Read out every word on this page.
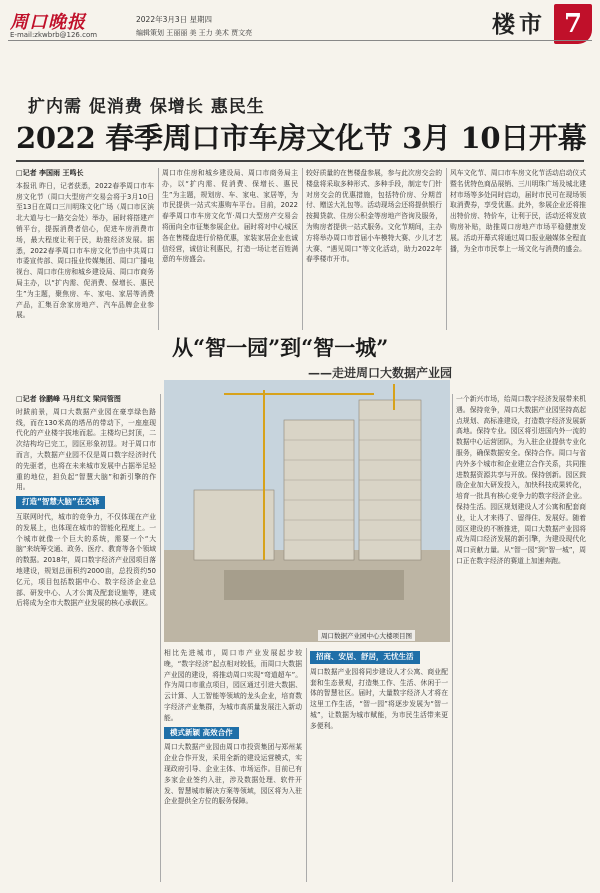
周口晚报
E-mail:zkwbrb@126.com
2022年3月3日 星期四
编辑策划 王丽丽 美 王力 美术 贾文亮	楼市 7
扩内需 促消费 保增长 惠民生
2022 春季周口市车房文化节 3月 10日开幕
□记者 李国雨 王鸣长
本报讯 昨日，记者获悉，2022春季周口市车房文化节（周口大型房产交易会将于3月10日至13日在周口三川明珠文化广场（周口市区滨北大道与七一路交会处）举办，届时将搭建产销平台，提振消费者信心，促进车房消费市场，最大程度让利于民，助推经济发展。据悉，2022春季周口市车房文化节由中共周口市委宣传部、周口报业传媒集团、周口广播电视台、周口市住房和城乡建设局、周口市商务局主办，以“扩内需、促消费、保增长、惠民生”为主题，聚焦房、车、家电、家居等消费产品，汇集百余家房地产、汽车品牌企业参展。
周口市住房和城乡建设局、周口市商务局主办，以“扩内需、促消费、保增长、惠民生”为主题，规划房、车、家电、家居等，为市民提供一站式实惠购车平台。目前，2022春季周口市车房文化节·周口大型房产交易会将面向全市征集参展企业。届时将对中心城区各在售楼盘进行价格优惠，家装家居企业也诚信经营，诚信让利惠民，打造一场让老百姓满意的车房盛会。
较好质量的在售楼盘参展，参与此次房交会的楼盘将采取多种形式、多种手段，制定专门针对房交会的优惠措施，包括特价房、分期首付、赠送大礼包等。活动现场会还将提供银行按揭贷款、住房公积金等房地产咨询及服务，为购房者提供一站式服务。文化节期间，主办方将举办周口市首届小车模特大赛、少儿才艺大赛、“遇见周口”等文化活动，助力2022年春季楼市开市。
风车文化节、周口市车房文化节活动启动仪式暨名优特色商品展销、三川明珠广场及城北建材市场等多处同时启动，届时市民可在现场领取消费券，享受优惠。此外，参展企业还将推出特价房、特价车，让利于民，活动还将发放购房补贴，助推周口房地产市场平稳健康发展。活动开幕式将通过周口报业融媒体全程直播，为全市市民奉上一场文化与消费的盛会。
从“智一园”到“智一城”
——走进周口大数据产业园
□记者 徐鹏峰 马月红文 梁同管图
时跋前景，周口大数据产业园在豪享绿色路线，而在130米高的塔吊的带动下，一座座现代化的产业楼宇拔地而起。主楼均已封顶，二次结构均已完工，园区形象初显。对于周口市而言，大数据产业园不仅是周口数字经济时代的先驱者，也将在未来城市发展中占据举足轻重的地位，担负起“智慧大脑”和新引擎的作用。
打造“智慧大脑”在交锋
互联网时代，城市的竞争力，不仅体现在产业的发展上，也体现在城市的智能化程度上。一个城市就像一个巨大的系统，需要一个“大脑”来统筹交通、政务、医疗、教育等各个领域的数据。2018年，周口数字经济产业园项目落地建设，规划总面积约2000亩，总投资约50亿元，项目包括数据中心、数字经济企业总部、研发中心、人才公寓及配套设施等，建成后将成为全市大数据产业发展的核心承载区。
周口数据产业园中心大楼项目图
相比先进城市，周口市产业发展起步较晚，“数字经济”起点相对较低，而周口大数据产业园的建设，将推动周口实现“弯道超车”。作为周口市重点项目，园区通过引进大数据、云计算、人工智能等领域的龙头企业，培育数字经济产业集群，为城市高质量发展注入新动能。
模式新颖 高效合作
周口大数据产业园由周口市投资集团与郑州某企业合作开发，采用全新的建设运营模式，实现政府引导、企业主体、市场运作。目前已有多家企业签约入驻，涉及数据处理、软件开发、智慧城市解决方案等领域，园区将为入驻企业提供全方位的服务保障。
招商、安居、舒居，无忧生活
周口数据产业园将同步建设人才公寓、商业配套和生态景观，打造集工作、生活、休闲于一体的智慧社区。届时，大量数字经济人才将在这里工作生活，“智一园”将逐步发展为“智一城”，让数据为城市赋能，为市民生活带来更多便利。
一个新兴市场，给周口数字经济发展带来机遇。保持竞争，周口大数据产业园坚持高起点规划、高标准建设，打造数字经济发展新高地。保持专业。园区将引进国内外一流的数据中心运营团队，为入驻企业提供专业化服务，确保数据安全。保持合作。周口与省内外多个城市和企业建立合作关系，共同推进数据资源共享与开放。保持创新。园区鼓励企业加大研发投入，加快科技成果转化，培育一批具有核心竞争力的数字经济企业。保持生活。园区规划建设人才公寓和配套商业，让人才来得了、留得住、发展好。随着园区建设的不断推进，周口大数据产业园将成为周口经济发展的新引擎，为建设现代化周口贡献力量。从“智一园”到“智一城”，周口正在数字经济的赛道上加速奔跑。
